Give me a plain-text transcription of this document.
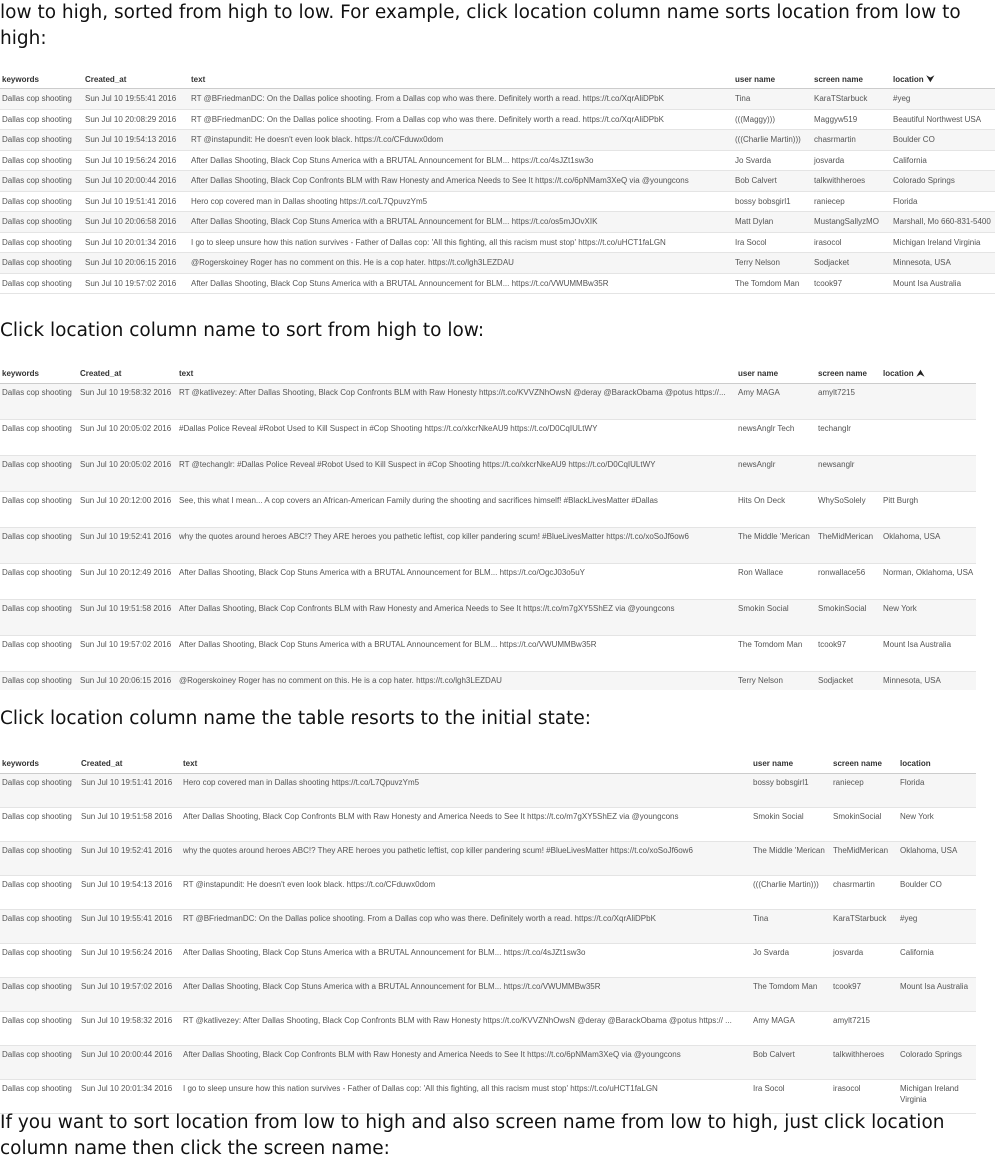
low to high, sorted from high to low. For example, click location column name sorts location from low to high:

keywords	Created_at	text	user name	screen name	location ⮟
Dallas cop shooting	Sun Jul 10 19:55:41 2016	RT @BFriedmanDC: On the Dallas police shooting. From a Dallas cop who was there. Definitely worth a read. https://t.co/XqrAliDPbK	Tina	KaraTStarbuck	#yeg
Dallas cop shooting	Sun Jul 10 20:08:29 2016	RT @BFriedmanDC: On the Dallas police shooting. From a Dallas cop who was there. Definitely worth a read. https://t.co/XqrAliDPbK	(((Maggy)))	Maggyw519	Beautiful Northwest USA
Dallas cop shooting	Sun Jul 10 19:54:13 2016	RT @instapundit: He doesn't even look black. https://t.co/CFduwx0dom	(((Charlie Martin)))	chasrmartin	Boulder CO
Dallas cop shooting	Sun Jul 10 19:56:24 2016	After Dallas Shooting, Black Cop Stuns America with a BRUTAL Announcement for BLM... https://t.co/4sJZt1sw3o	Jo Svarda	josvarda	California
Dallas cop shooting	Sun Jul 10 20:00:44 2016	After Dallas Shooting, Black Cop Confronts BLM with Raw Honesty and America Needs to See It https://t.co/6pNMam3XeQ via @youngcons	Bob Calvert	talkwithheroes	Colorado Springs
Dallas cop shooting	Sun Jul 10 19:51:41 2016	Hero cop covered man in Dallas shooting https://t.co/L7QpuvzYm5	bossy bobsgirl1	raniecep	Florida
Dallas cop shooting	Sun Jul 10 20:06:58 2016	After Dallas Shooting, Black Cop Stuns America with a BRUTAL Announcement for BLM... https://t.co/os5mJOvXIK	Matt Dylan	MustangSallyzMO	Marshall, Mo 660-831-5400
Dallas cop shooting	Sun Jul 10 20:01:34 2016	I go to sleep unsure how this nation survives - Father of Dallas cop: 'All this fighting, all this racism must stop' https://t.co/uHCT1faLGN	Ira Socol	irasocol	Michigan Ireland Virginia
Dallas cop shooting	Sun Jul 10 20:06:15 2016	@Rogerskoiney Roger has no comment on this. He is a cop hater. https://t.co/lgh3LEZDAU	Terry Nelson	Sodjacket	Minnesota, USA
Dallas cop shooting	Sun Jul 10 19:57:02 2016	After Dallas Shooting, Black Cop Stuns America with a BRUTAL Announcement for BLM... https://t.co/VWUMMBw35R	The Tomdom Man	tcook97	Mount Isa Australia

Click location column name to sort from high to low:

keywords	Created_at	text	user name	screen name	location ⮝
Dallas cop shooting	Sun Jul 10 19:58:32 2016	RT @katlivezey: After Dallas Shooting, Black Cop Confronts BLM with Raw Honesty https://t.co/KVVZNhOwsN @deray @BarackObama @potus https://...	Amy MAGA	amylt7215	
Dallas cop shooting	Sun Jul 10 20:05:02 2016	#Dallas Police Reveal #Robot Used to Kill Suspect in #Cop Shooting https://t.co/xkcrNkeAU9 https://t.co/D0CqIULtWY	newsAnglr Tech	techanglr	
Dallas cop shooting	Sun Jul 10 20:05:02 2016	RT @techanglr: #Dallas Police Reveal #Robot Used to Kill Suspect in #Cop Shooting https://t.co/xkcrNkeAU9 https://t.co/D0CqIULtWY	newsAnglr	newsanglr	
Dallas cop shooting	Sun Jul 10 20:12:00 2016	See, this what I mean... A cop covers an African-American Family during the shooting and sacrifices himself! #BlackLivesMatter #Dallas	Hits On Deck	WhySoSolely	Pitt Burgh
Dallas cop shooting	Sun Jul 10 19:52:41 2016	why the quotes around heroes ABC!? They ARE heroes you pathetic leftist, cop killer pandering scum! #BlueLivesMatter https://t.co/xoSoJf6ow6	The Middle 'Merican	TheMidMerican	Oklahoma, USA
Dallas cop shooting	Sun Jul 10 20:12:49 2016	After Dallas Shooting, Black Cop Stuns America with a BRUTAL Announcement for BLM... https://t.co/OgcJ03o5uY	Ron Wallace	ronwallace56	Norman, Oklahoma, USA
Dallas cop shooting	Sun Jul 10 19:51:58 2016	After Dallas Shooting, Black Cop Confronts BLM with Raw Honesty and America Needs to See It https://t.co/m7gXY5ShEZ via @youngcons	Smokin Social	SmokinSocial	New York
Dallas cop shooting	Sun Jul 10 19:57:02 2016	After Dallas Shooting, Black Cop Stuns America with a BRUTAL Announcement for BLM... https://t.co/VWUMMBw35R	The Tomdom Man	tcook97	Mount Isa Australia
Dallas cop shooting	Sun Jul 10 20:06:15 2016	@Rogerskoiney Roger has no comment on this. He is a cop hater. https://t.co/lgh3LEZDAU	Terry Nelson	Sodjacket	Minnesota, USA

Click location column name the table resorts to the initial state:

keywords	Created_at	text	user name	screen name	location
Dallas cop shooting	Sun Jul 10 19:51:41 2016	Hero cop covered man in Dallas shooting https://t.co/L7QpuvzYm5	bossy bobsgirl1	raniecep	Florida
Dallas cop shooting	Sun Jul 10 19:51:58 2016	After Dallas Shooting, Black Cop Confronts BLM with Raw Honesty and America Needs to See It https://t.co/m7gXY5ShEZ via @youngcons	Smokin Social	SmokinSocial	New York
Dallas cop shooting	Sun Jul 10 19:52:41 2016	why the quotes around heroes ABC!? They ARE heroes you pathetic leftist, cop killer pandering scum! #BlueLivesMatter https://t.co/xoSoJf6ow6	The Middle 'Merican	TheMidMerican	Oklahoma, USA
Dallas cop shooting	Sun Jul 10 19:54:13 2016	RT @instapundit: He doesn't even look black. https://t.co/CFduwx0dom	(((Charlie Martin)))	chasrmartin	Boulder CO
Dallas cop shooting	Sun Jul 10 19:55:41 2016	RT @BFriedmanDC: On the Dallas police shooting. From a Dallas cop who was there. Definitely worth a read. https://t.co/XqrAliDPbK	Tina	KaraTStarbuck	#yeg
Dallas cop shooting	Sun Jul 10 19:56:24 2016	After Dallas Shooting, Black Cop Stuns America with a BRUTAL Announcement for BLM... https://t.co/4sJZt1sw3o	Jo Svarda	josvarda	California
Dallas cop shooting	Sun Jul 10 19:57:02 2016	After Dallas Shooting, Black Cop Stuns America with a BRUTAL Announcement for BLM... https://t.co/VWUMMBw35R	The Tomdom Man	tcook97	Mount Isa Australia
Dallas cop shooting	Sun Jul 10 19:58:32 2016	RT @katlivezey: After Dallas Shooting, Black Cop Confronts BLM with Raw Honesty https://t.co/KVVZNhOwsN @deray @BarackObama @potus https:// ...	Amy MAGA	amylt7215	
Dallas cop shooting	Sun Jul 10 20:00:44 2016	After Dallas Shooting, Black Cop Confronts BLM with Raw Honesty and America Needs to See It https://t.co/6pNMam3XeQ via @youngcons	Bob Calvert	talkwithheroes	Colorado Springs
Dallas cop shooting	Sun Jul 10 20:01:34 2016	I go to sleep unsure how this nation survives - Father of Dallas cop: 'All this fighting, all this racism must stop' https://t.co/uHCT1faLGN	Ira Socol	irasocol	Michigan Ireland Virginia

If you want to sort location from low to high and also screen name from low to high, just click location column name then click the screen name:
